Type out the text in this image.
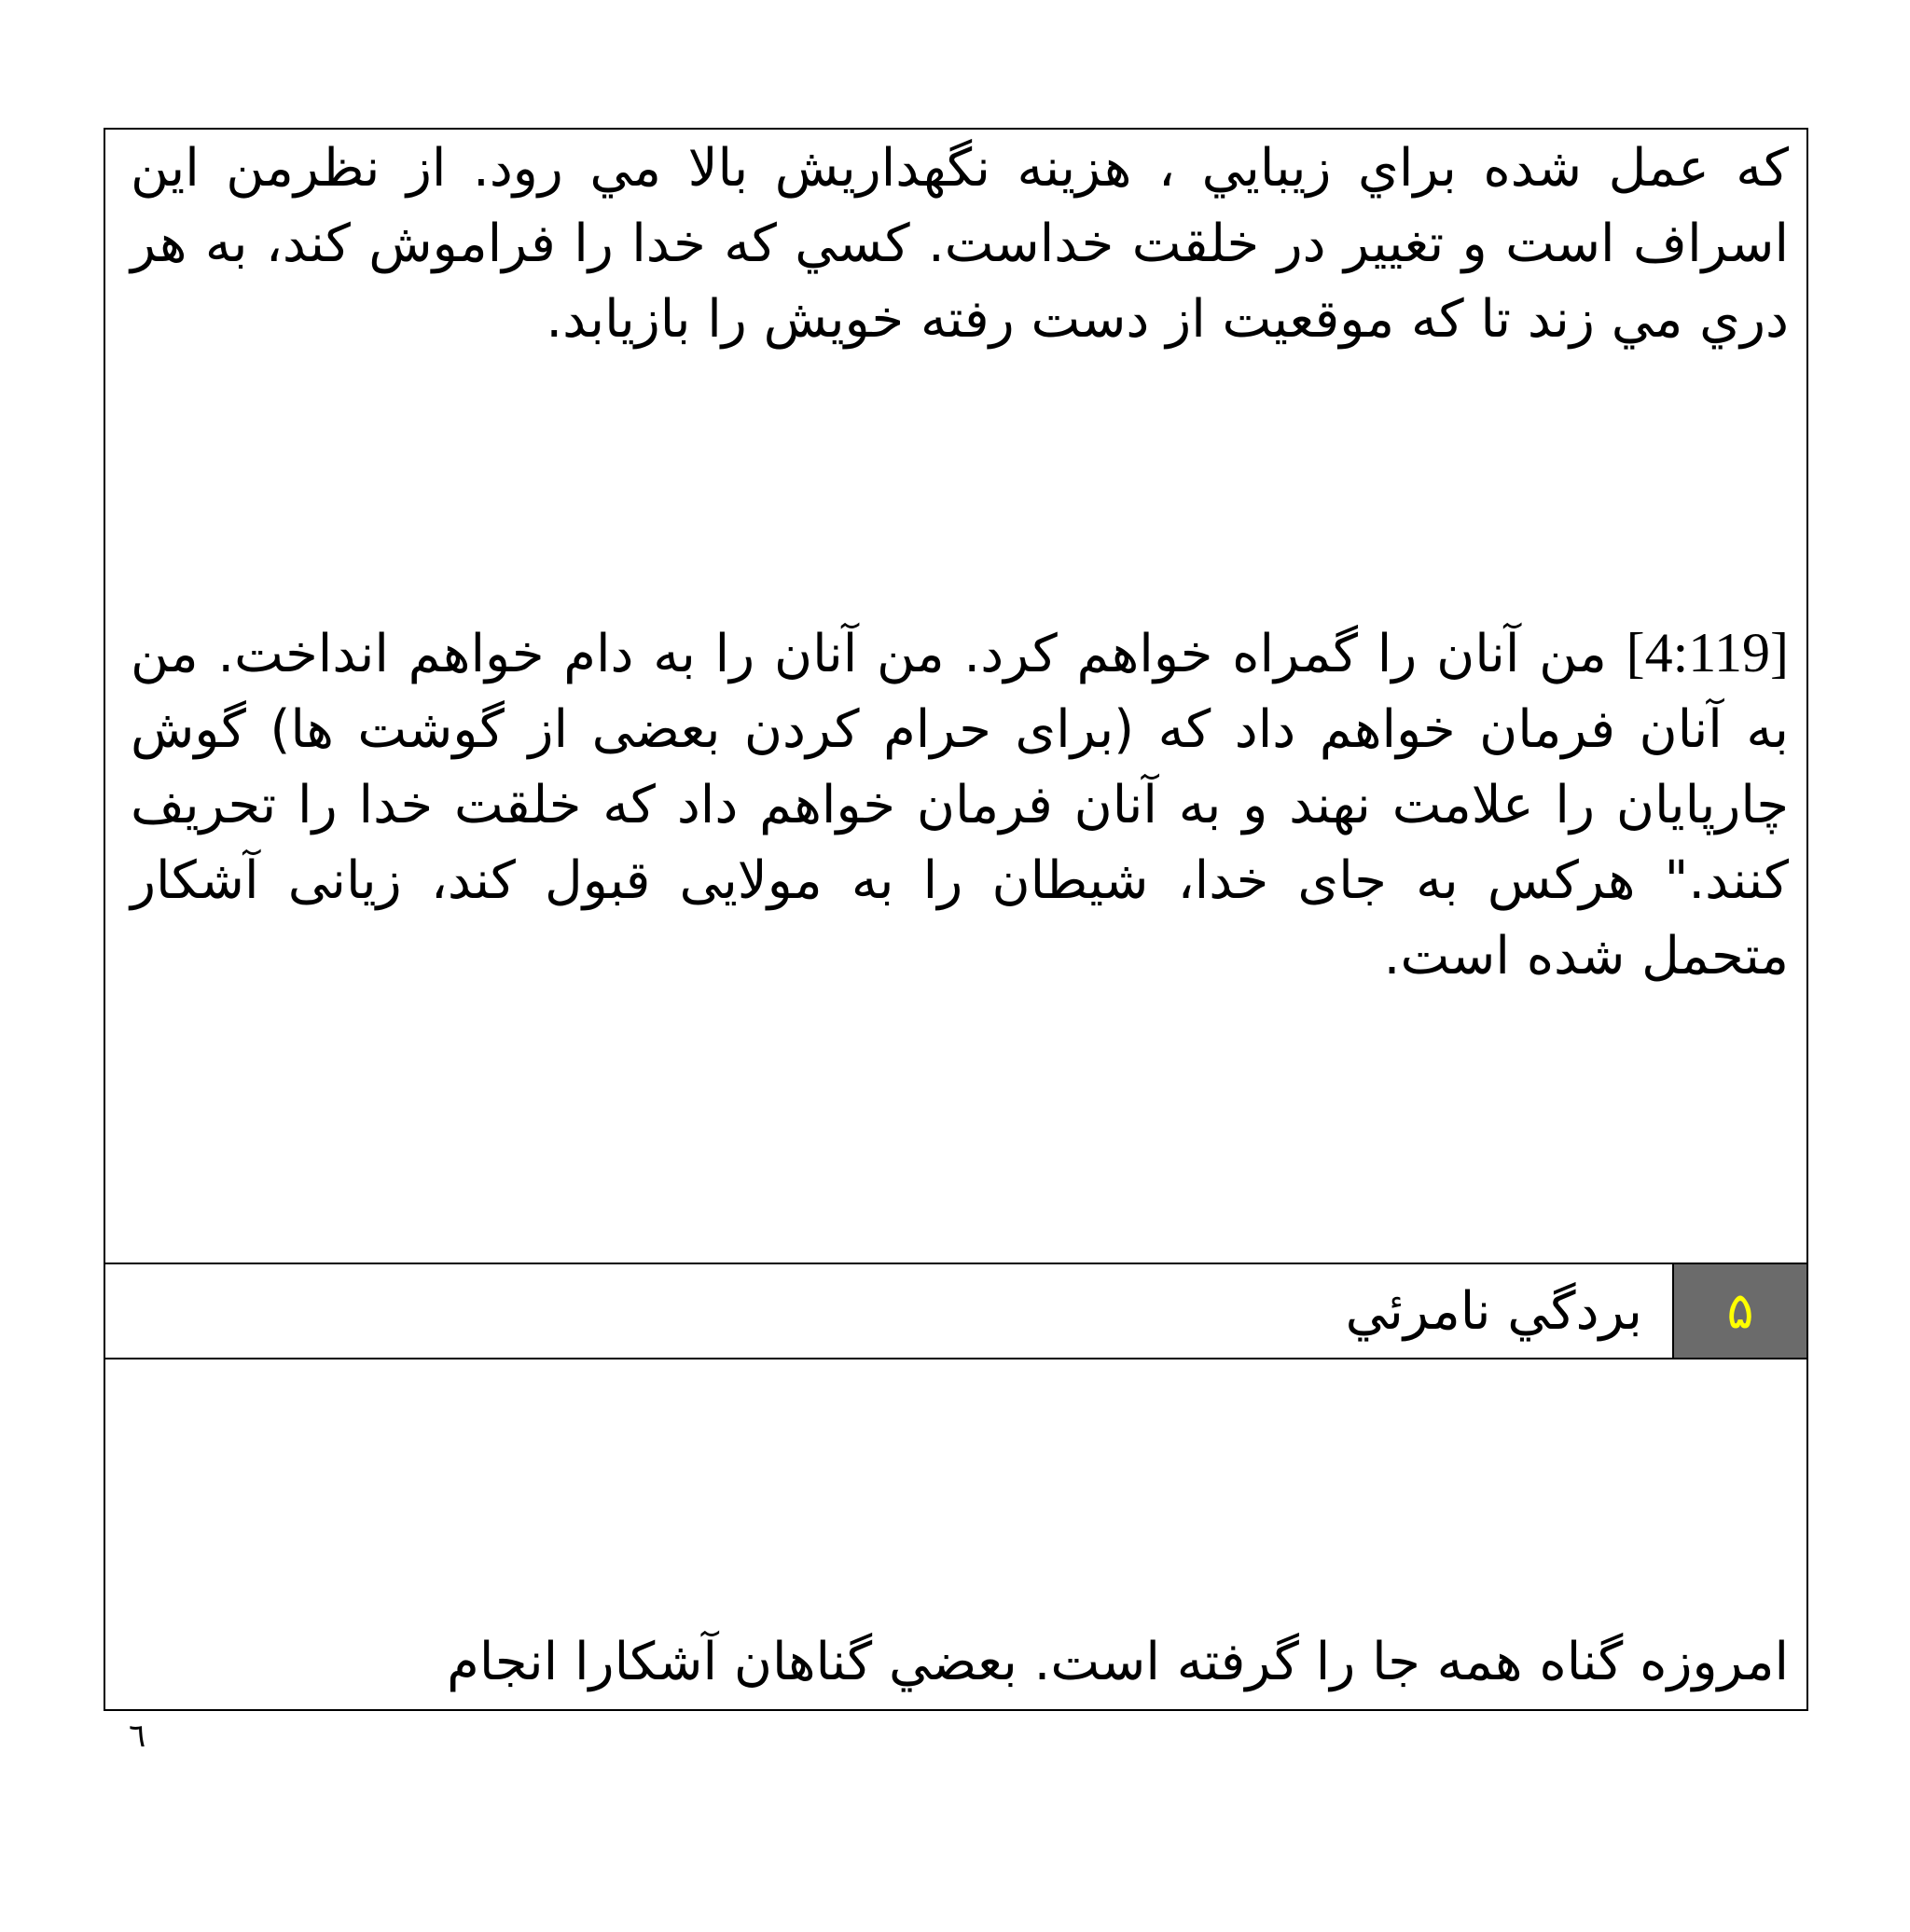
كه عمل شده براي زيبايي ، هزينه نگهداريش بالا مي رود. از نظرمن اين اسراف است و تغيير در خلقت خداست. كسي كه خدا را فراموش كند، به هر دري مي زند تا كه موقعيت از دست رفته خويش را بازيابد.
[4:119] من آنان را گمراه خواهم كرد. من آنان را به دام خواهم انداخت. من به آنان فرمان خواهم داد كه (براى حرام كردن بعضى از گوشت ها) گوش چارپايان را علامت نهند و به آنان فرمان خواهم داد كه خلقت خدا را تحريف كنند." هركس به جاى خدا، شيطان را به مولايى قبول كند، زيانى آشكار متحمل شده است.
۵
بردگي نامرئي
امروزه گناه همه جا را گرفته است. بعضي گناهان آشكارا انجام
٦
